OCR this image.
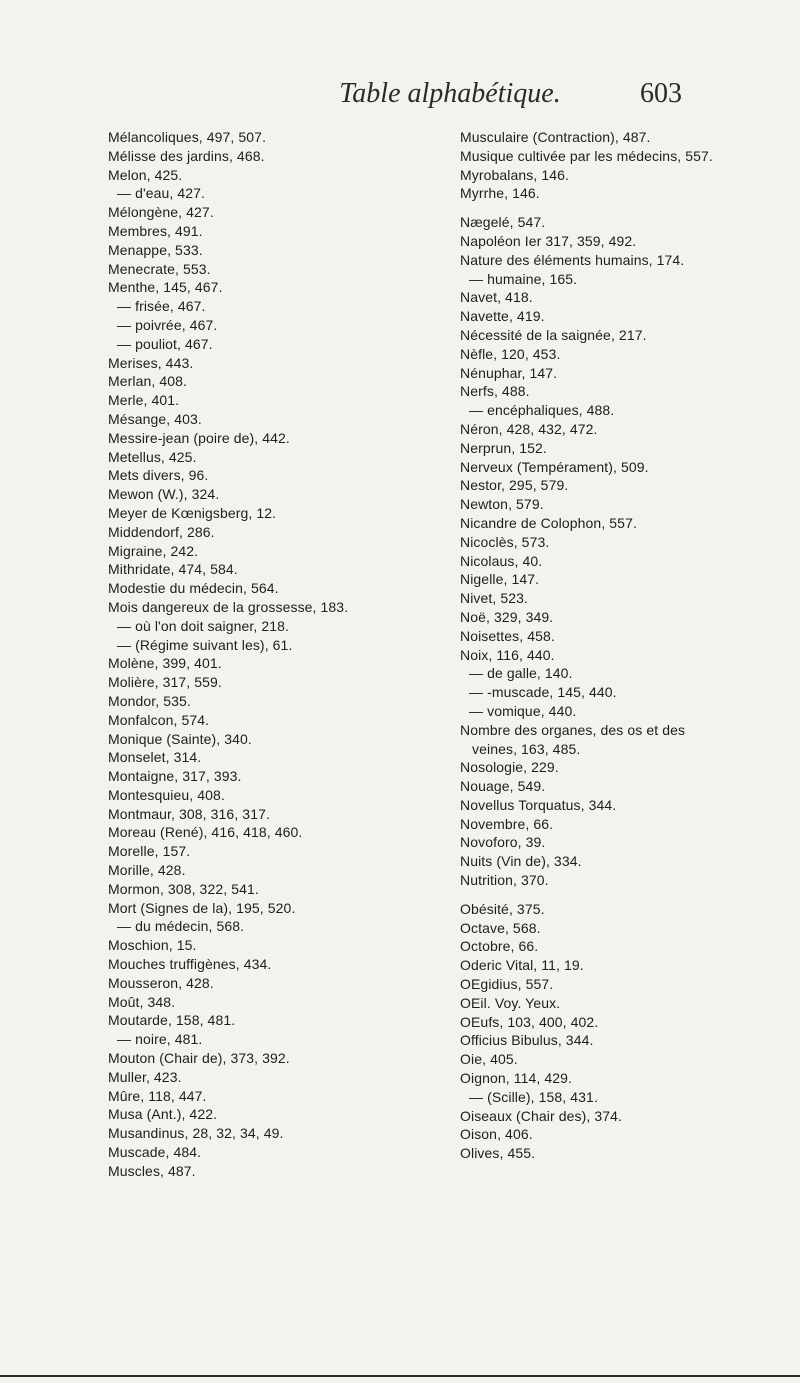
Table alphabétique.	603
Mélancoliques, 497, 507.
Mélisse des jardins, 468.
Melon, 425.
— d'eau, 427.
Mélongène, 427.
Membres, 491.
Menappe, 533.
Menecrate, 553.
Menthe, 145, 467.
— frisée, 467.
— poivrée, 467.
— pouliot, 467.
Merises, 443.
Merlan, 408.
Merle, 401.
Mésange, 403.
Messire-jean (poire de), 442.
Metellus, 425.
Mets divers, 96.
Mewon (W.), 324.
Meyer de Kœnigsberg, 12.
Middendorf, 286.
Migraine, 242.
Mithridate, 474, 584.
Modestie du médecin, 564.
Mois dangereux de la grossesse, 183.
— où l'on doit saigner, 218.
— (Régime suivant les), 61.
Molène, 399, 401.
Molière, 317, 559.
Mondor, 535.
Monfalcon, 574.
Monique (Sainte), 340.
Monselet, 314.
Montaigne, 317, 393.
Montesquieu, 408.
Montmaur, 308, 316, 317.
Moreau (René), 416, 418, 460.
Morelle, 157.
Morille, 428.
Mormon, 308, 322, 541.
Mort (Signes de la), 195, 520.
— du médecin, 568.
Moschion, 15.
Mouches truffigènes, 434.
Mousseron, 428.
Moût, 348.
Moutarde, 158, 481.
— noire, 481.
Mouton (Chair de), 373, 392.
Muller, 423.
Mûre, 118, 447.
Musa (Ant.), 422.
Musandinus, 28, 32, 34, 49.
Muscade, 484.
Muscles, 487.
Musculaire (Contraction), 487.
Musique cultivée par les médecins, 557.
Myrobalans, 146.
Myrrhe, 146.
Nægelé, 547.
Napoléon Ier 317, 359, 492.
Nature des éléments humains, 174.
— humaine, 165.
Navet, 418.
Navette, 419.
Nécessité de la saignée, 217.
Nèfle, 120, 453.
Nénuphar, 147.
Nerfs, 488.
— encéphaliques, 488.
Néron, 428, 432, 472.
Nerprun, 152.
Nerveux (Tempérament), 509.
Nestor, 295, 579.
Newton, 579.
Nicandre de Colophon, 557.
Nicoclès, 573.
Nicolaus, 40.
Nigelle, 147.
Nivet, 523.
Noë, 329, 349.
Noisettes, 458.
Noix, 116, 440.
— de galle, 140.
— -muscade, 145, 440.
— vomique, 440.
Nombre des organes, des os et des
veines, 163, 485.
Nosologie, 229.
Nouage, 549.
Novellus Torquatus, 344.
Novembre, 66.
Novoforo, 39.
Nuits (Vin de), 334.
Nutrition, 370.
Obésité, 375.
Octave, 568.
Octobre, 66.
Oderic Vital, 11, 19.
OEgidius, 557.
OEil. Voy. Yeux.
OEufs, 103, 400, 402.
Officius Bibulus, 344.
Oie, 405.
Oignon, 114, 429.
— (Scille), 158, 431.
Oiseaux (Chair des), 374.
Oison, 406.
Olives, 455.
